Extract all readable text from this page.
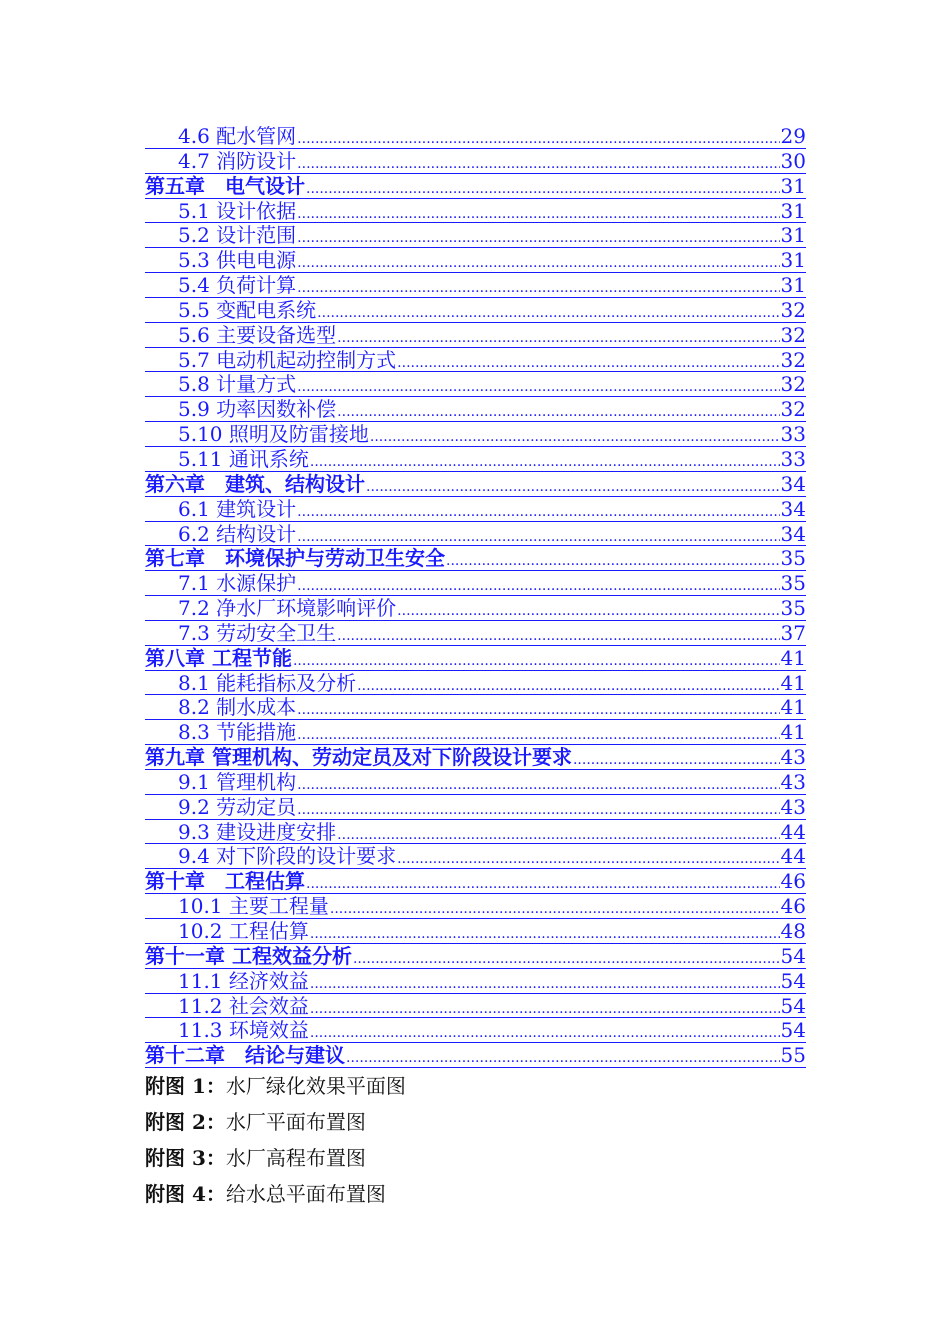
4.6 配水管网 .....	29
4.7 消防设计 .....	30
第五章　电气设计 .....	31
5.1 设计依据 .....	31
5.2 设计范围 .....	31
5.3 供电电源 .....	31
5.4 负荷计算 .....	31
5.5 变配电系统 .....	32
5.6 主要设备选型 .....	32
5.7 电动机起动控制方式 .....	32
5.8 计量方式 .....	32
5.9 功率因数补偿 .....	32
5.10 照明及防雷接地 .....	33
5.11 通讯系统 .....	33
第六章　建筑、结构设计 .....	34
6.1 建筑设计 .....	34
6.2 结构设计 .....	34
第七章　环境保护与劳动卫生安全 .....	35
7.1 水源保护 .....	35
7.2 净水厂环境影响评价 .....	35
7.3 劳动安全卫生 .....	37
第八章 工程节能 .....	41
8.1 能耗指标及分析 .....	41
8.2 制水成本 .....	41
8.3 节能措施 .....	41
第九章 管理机构、劳动定员及对下阶段设计要求 .....	43
9.1 管理机构 .....	43
9.2 劳动定员 .....	43
9.3 建设进度安排 .....	44
9.4 对下阶段的设计要求 .....	44
第十章　工程估算 .....	46
10.1 主要工程量 .....	46
10.2 工程估算 .....	48
第十一章 工程效益分析 .....	54
11.1 经济效益 .....	54
11.2 社会效益 .....	54
11.3 环境效益 .....	54
第十二章　结论与建议 .....	55
附图 1：水厂绿化效果平面图
附图 2：水厂平面布置图
附图 3：水厂高程布置图
附图 4：给水总平面布置图
